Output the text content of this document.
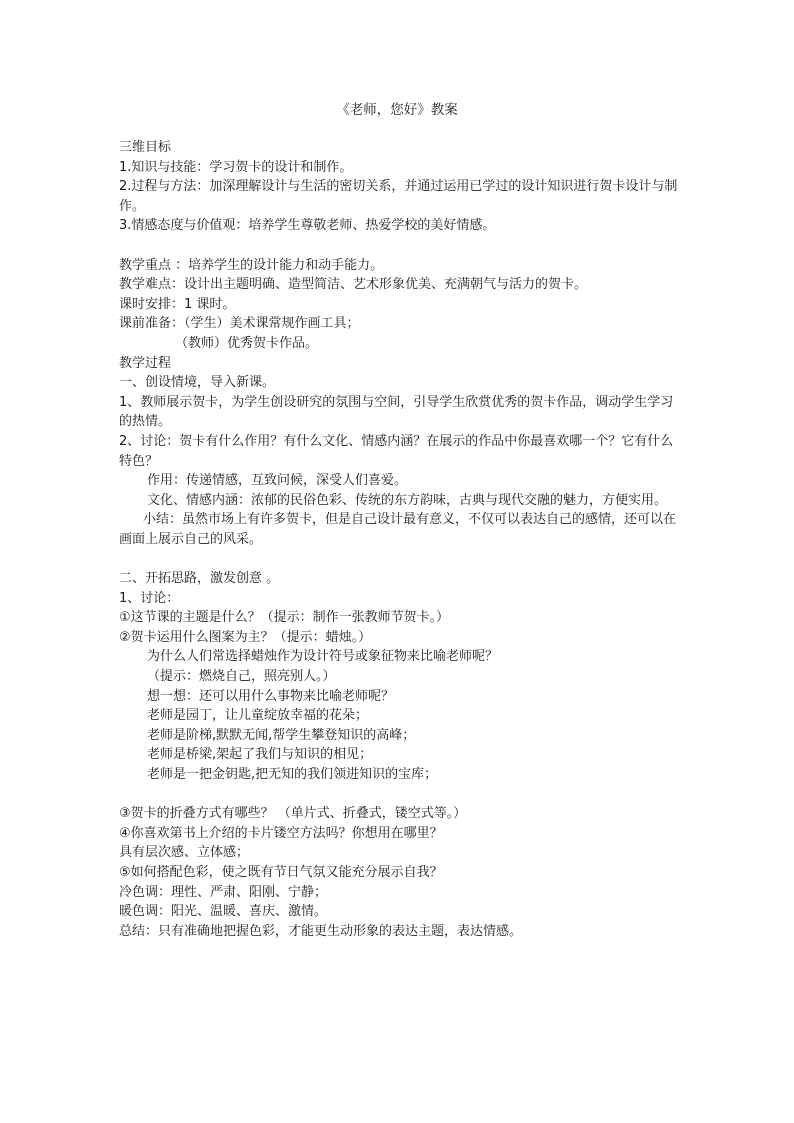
《老师，您好》教案

三维目标

1.知识与技能：学习贺卡的设计和制作。

2.过程与方法：加深理解设计与生活的密切关系，并通过运用已学过的设计知识进行贺卡设计与制作。

3.情感态度与价值观：培养学生尊敬老师、热爱学校的美好情感。

教学重点 ：培养学生的设计能力和动手能力。

教学难点：设计出主题明确、造型简洁、艺术形象优美、充满朝气与活力的贺卡。

课时安排：1 课时。

课前准备：（学生）美术课常规作画工具；

（教师）优秀贺卡作品。

教学过程

一、创设情境，导入新课。

1、教师展示贺卡，为学生创设研究的氛围与空间，引导学生欣赏优秀的贺卡作品，调动学生学习的热情。

2、讨论：贺卡有什么作用？有什么文化、情感内涵？在展示的作品中你最喜欢哪一个？它有什么特色？

作用：传递情感，互致问候，深受人们喜爱。

文化、情感内涵：浓郁的民俗色彩、传统的东方韵味，古典与现代交融的魅力，方便实用。

小结：虽然市场上有许多贺卡，但是自己设计最有意义，不仅可以表达自己的感情，还可以在画面上展示自己的风采。

二、开拓思路，激发创意 。

1、讨论：

①这节课的主题是什么？（提示：制作一张教师节贺卡。）

②贺卡运用什么图案为主？（提示：蜡烛。）

为什么人们常选择蜡烛作为设计符号或象征物来比喻老师呢？

（提示：燃烧自己，照亮别人。）

想一想：还可以用什么事物来比喻老师呢？

老师是园丁，让儿童绽放幸福的花朵；

老师是阶梯,默默无闻,帮学生攀登知识的高峰；

老师是桥梁,架起了我们与知识的相见；

老师是一把金钥匙,把无知的我们领进知识的宝库；

③贺卡的折叠方式有哪些？ （单片式、折叠式，镂空式等。）

④你喜欢第书上介绍的卡片镂空方法吗？你想用在哪里？

具有层次感、立体感；

⑤如何搭配色彩，使之既有节日气氛又能充分展示自我？

冷色调：理性、严肃、阳刚、宁静；

暖色调：阳光、温暖、喜庆、激情。

总结：只有准确地把握色彩，才能更生动形象的表达主题，表达情感。
